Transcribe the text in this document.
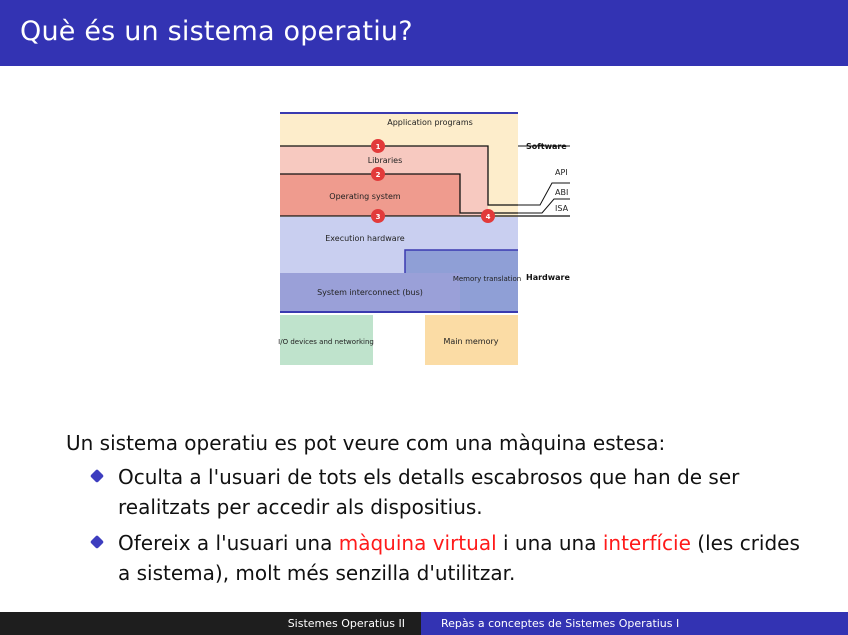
Què és un sistema operatiu?
Application programs
Libraries
Operating system
Execution hardware
System interconnect (bus)
Memory translation
I/O devices and networking	Main memory
1
2
3	4
Software
Hardware
API
ABI
ISA

Un sistema operatiu es pot veure com una màquina estesa:

Oculta a l'usuari de tots els detalls escabrosos que han de ser realitzats per accedir als dispositius.
Ofereix a l'usuari una màquina virtual i una una interfície (les crides a sistema), molt més senzilla d'utilitzar.
Sistemes Operatius II	Repàs a conceptes de Sistemes Operatius I
